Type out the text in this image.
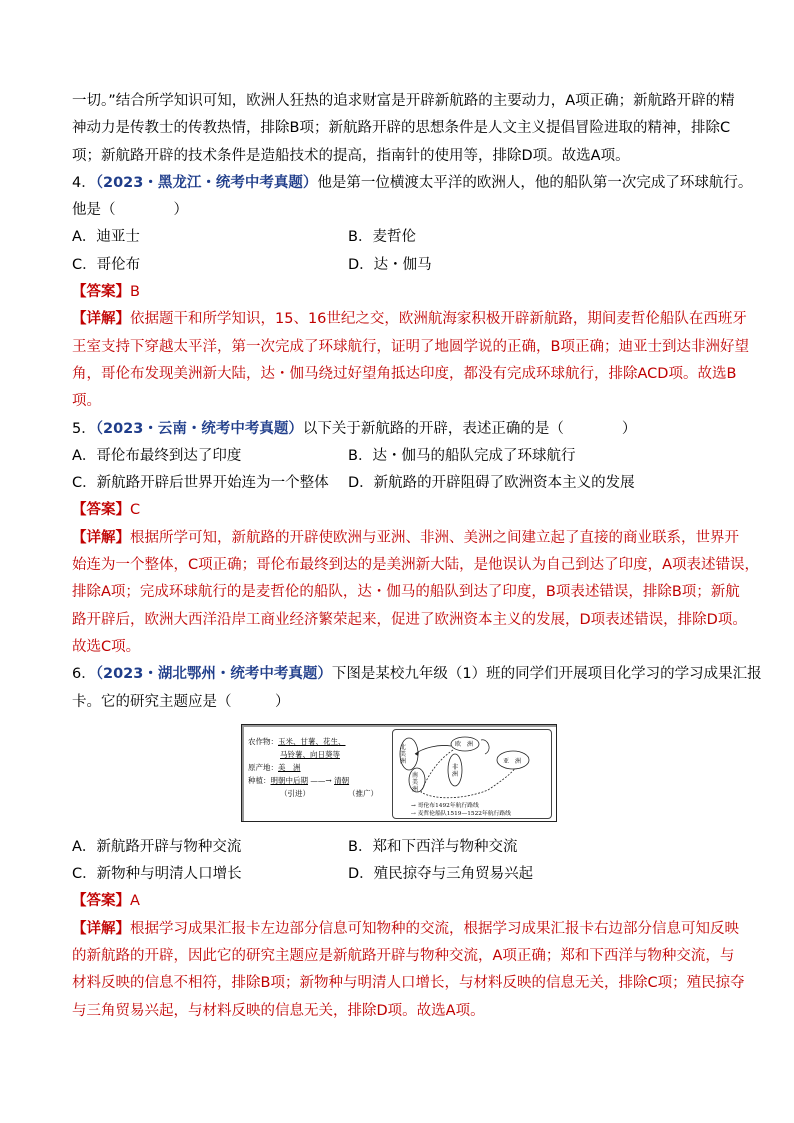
一切。”结合所学知识可知，欧洲人狂热的追求财富是开辟新航路的主要动力，A项正确；新航路开辟的精
神动力是传教士的传教热情，排除B项；新航路开辟的思想条件是人文主义提倡冒险进取的精神，排除C
项；新航路开辟的技术条件是造船技术的提高，指南针的使用等，排除D项。故选A项。
4．（2023・黑龙江・统考中考真题）他是第一位横渡太平洋的欧洲人，他的船队第一次完成了环球航行。
他是（　　　　）
A．迪亚士	B．麦哲伦
C．哥伦布	D．达・伽马
【答案】B
【详解】依据题干和所学知识，15、16世纪之交，欧洲航海家积极开辟新航路，期间麦哲伦船队在西班牙
王室支持下穿越太平洋，第一次完成了环球航行，证明了地圆学说的正确，B项正确；迪亚士到达非洲好望
角，哥伦布发现美洲新大陆，达・伽马绕过好望角抵达印度，都没有完成环球航行，排除ACD项。故选B
项。
5．（2023・云南・统考中考真题）以下关于新航路的开辟，表述正确的是（　　　　）
A．哥伦布最终到达了印度	B．达・伽马的船队完成了环球航行
C．新航路开辟后世界开始连为一个整体	D．新航路的开辟阻碍了欧洲资本主义的发展
【答案】C
【详解】根据所学可知，新航路的开辟使欧洲与亚洲、非洲、美洲之间建立起了直接的商业联系，世界开
始连为一个整体，C项正确；哥伦布最终到达的是美洲新大陆，是他误认为自己到达了印度，A项表述错误，
排除A项；完成环球航行的是麦哲伦的船队，达・伽马的船队到达了印度，B项表述错误，排除B项；新航
路开辟后，欧洲大西洋沿岸工商业经济繁荣起来，促进了欧洲资本主义的发展，D项表述错误，排除D项。
故选C项。
6．（2023・湖北鄂州・统考中考真题）下图是某校九年级（1）班的同学们开展项目化学习的学习成果汇报
卡。它的研究主题应是（　　　）
农作物：玉米、甘薯、花生、
马铃薯、向日葵等
原产地：美　洲
种植：明朝中后期 ——→ 清朝
（引进）	（推广）
北美洲
南美洲
欧　洲
非洲
亚　洲
→ 哥伦布1492年航行路线
⇢ 麦哲伦船队1519—1522年航行路线
A．新航路开辟与物种交流	B．郑和下西洋与物种交流
C．新物种与明清人口增长	D．殖民掠夺与三角贸易兴起
【答案】A
【详解】根据学习成果汇报卡左边部分信息可知物种的交流，根据学习成果汇报卡右边部分信息可知反映
的新航路的开辟，因此它的研究主题应是新航路开辟与物种交流，A项正确；郑和下西洋与物种交流，与
材料反映的信息不相符，排除B项；新物种与明清人口增长，与材料反映的信息无关，排除C项；殖民掠夺
与三角贸易兴起，与材料反映的信息无关，排除D项。故选A项。
